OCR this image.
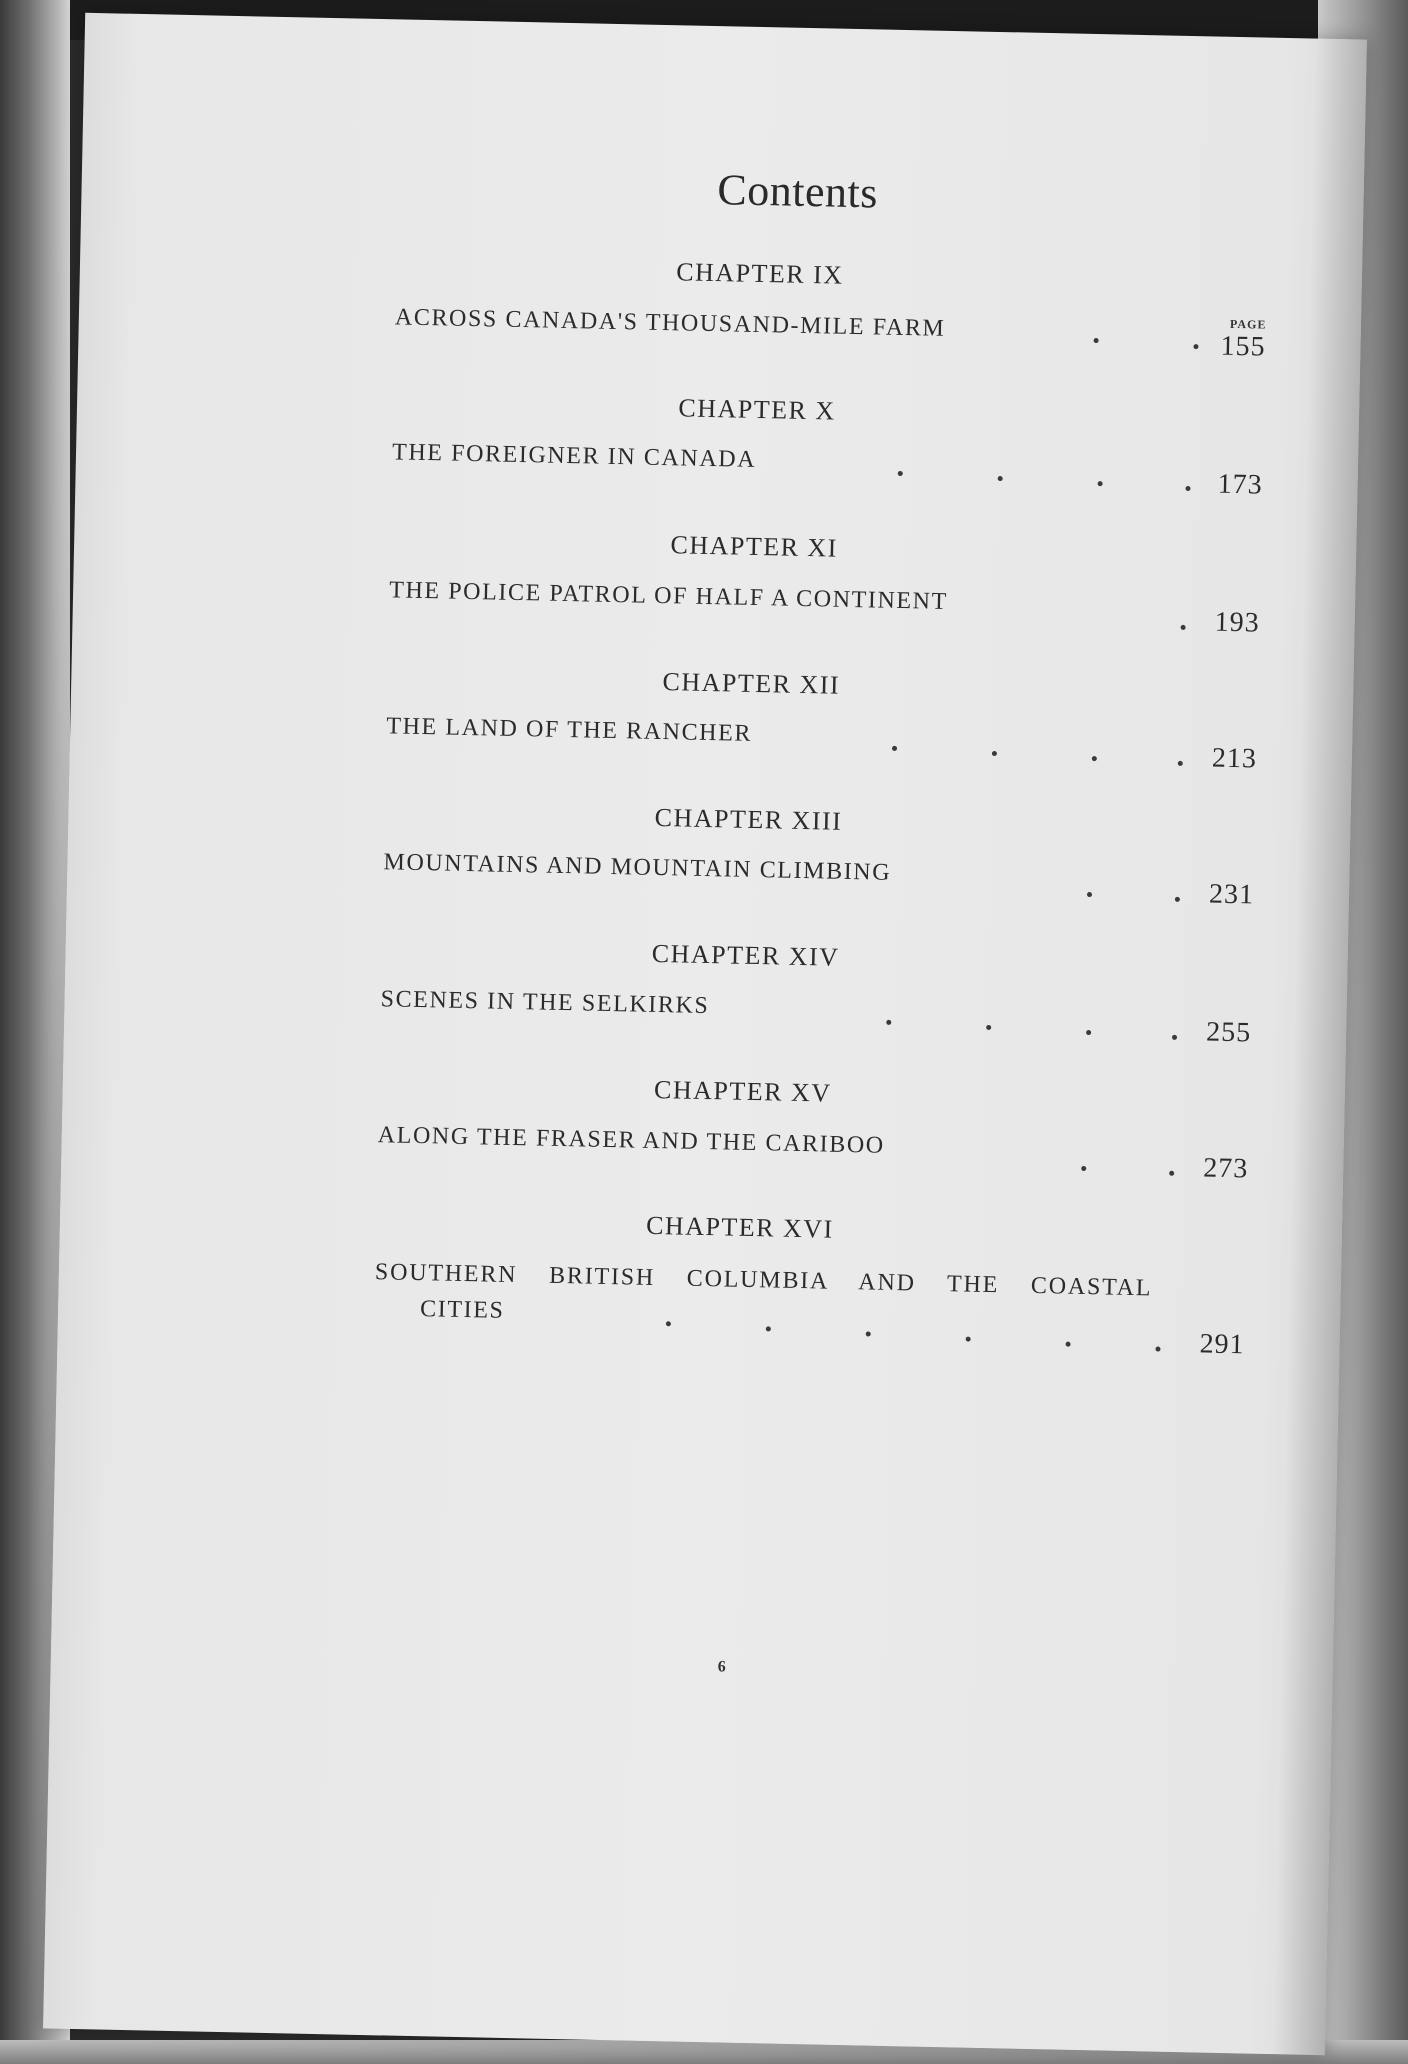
Contents
PAGE
CHAPTER IX
ACROSS CANADA'S THOUSAND-MILE FARM
155
CHAPTER X
THE FOREIGNER IN CANADA
173
CHAPTER XI
THE POLICE PATROL OF HALF A CONTINENT
193
CHAPTER XII
THE LAND OF THE RANCHER
213
CHAPTER XIII
MOUNTAINS AND MOUNTAIN CLIMBING
231
CHAPTER XIV
SCENES IN THE SELKIRKS
255
CHAPTER XV
ALONG THE FRASER AND THE CARIBOO
273
CHAPTER XVI
SOUTHERN BRITISH COLUMBIA AND THE COASTAL
CITIES
291
6
